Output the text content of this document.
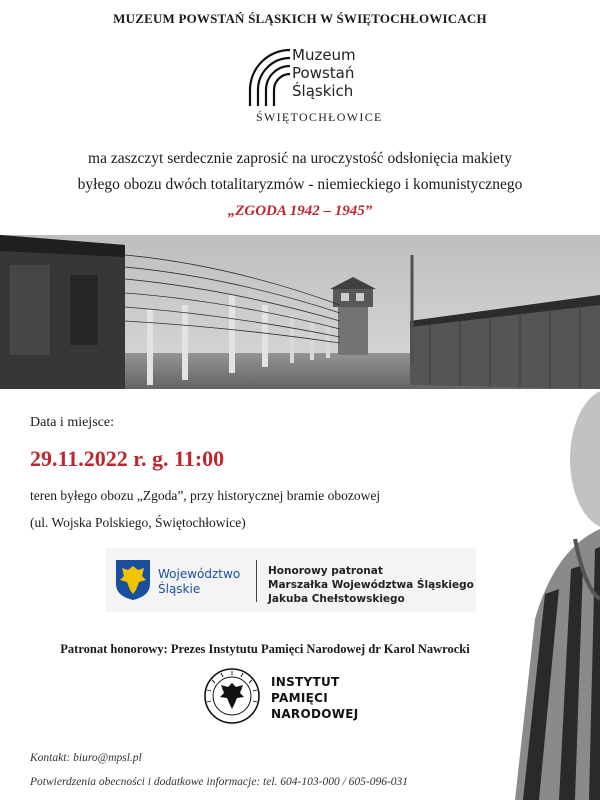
MUZEUM POWSTAŃ ŚLĄSKICH W ŚWIĘTOCHŁOWICACH
Muzeum
Powstań
Śląskich
ŚWIĘTOCHŁOWICE
ma zaszczyt serdecznie zaprosić na uroczystość odsłonięcia makiety
byłego obozu dwóch totalitaryzmów - niemieckiego i komunistycznego
„ZGODA 1942 – 1945”
Data i miejsce:
29.11.2022 r. g. 11:00
teren byłego obozu „Zgoda”, przy historycznej bramie obozowej
(ul. Wojska Polskiego, Świętochłowice)
Województwo
Śląskie
Honorowy patronat
Marszałka Województwa Śląskiego
Jakuba Chełstowskiego
Patronat honorowy: Prezes Instytutu Pamięci Narodowej dr Karol Nawrocki
INSTYTUT
PAMIĘCI
NARODOWEJ
Kontakt: biuro@mpsl.pl
Potwierdzenia obecności i dodatkowe informacje: tel. 604-103-000 / 605-096-031
